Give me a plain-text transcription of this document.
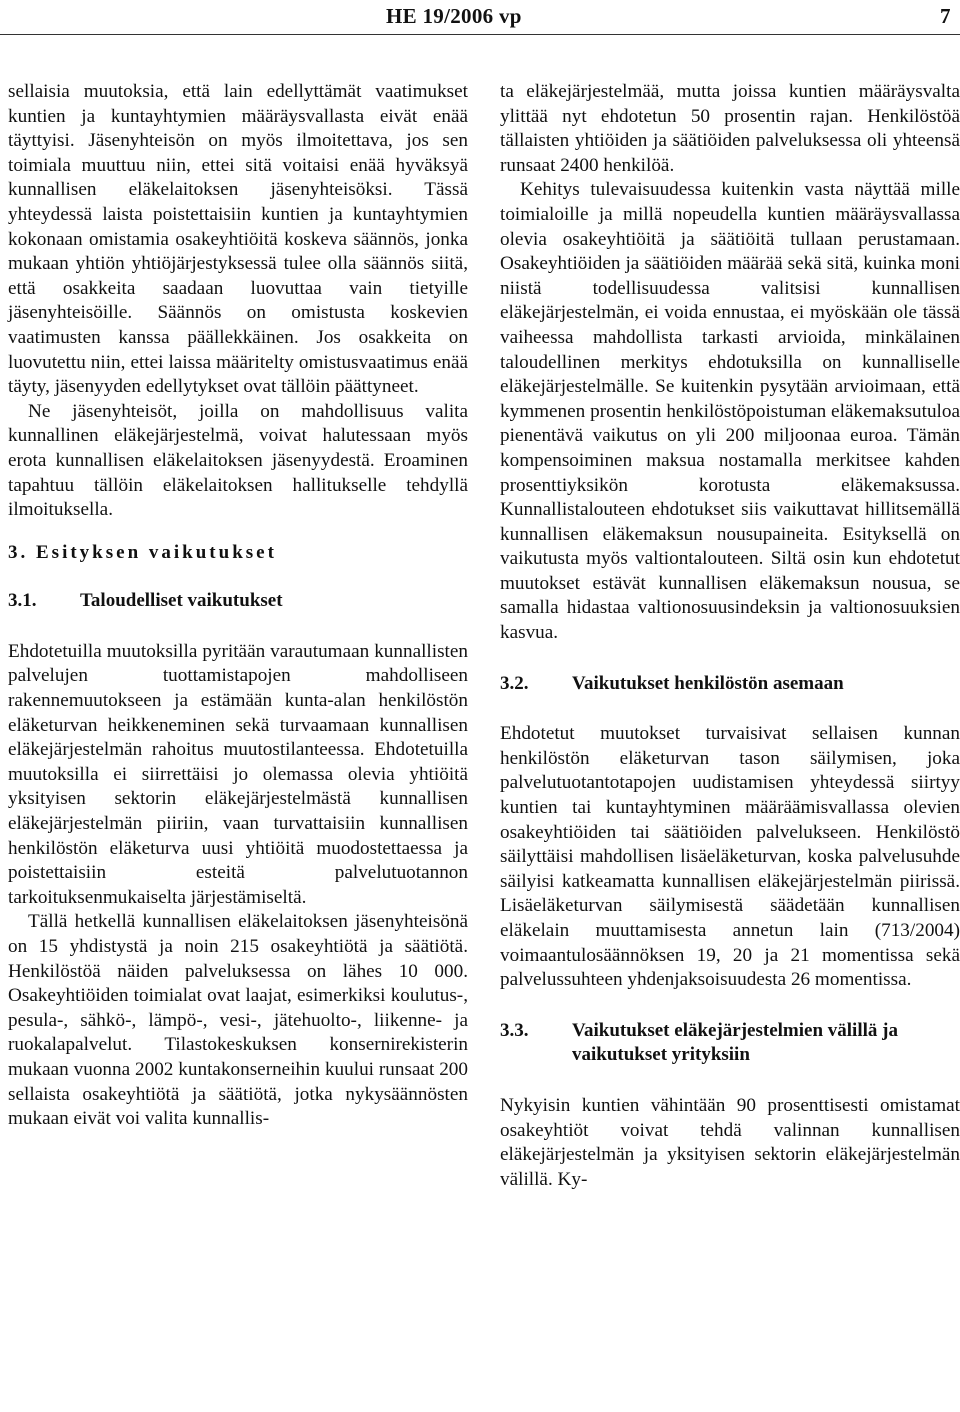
HE 19/2006 vp	7

sellaisia muutoksia, että lain edellyttämät vaatimukset kuntien ja kuntayhtymien määräysvallasta eivät enää täyttyisi. Jäsenyhteisön on myös ilmoitettava, jos sen toimiala muuttuu niin, ettei sitä voitaisi enää hyväksyä kunnallisen eläkelaitoksen jäsenyhteisöksi. Tässä yhteydessä laista poistettaisiin kuntien ja kuntayhtymien kokonaan omistamia osakeyhtiöitä koskeva säännös, jonka mukaan yhtiön yhtiöjärjestyksessä tulee olla säännös siitä, että osakkeita saadaan luovuttaa vain tietyille jäsenyhteisöille. Säännös on omistusta koskevien vaatimusten kanssa päällekkäinen. Jos osakkeita on luovutettu niin, ettei laissa määritelty omistusvaatimus enää täyty, jäsenyyden edellytykset ovat tällöin päättyneet.

Ne jäsenyhteisöt, joilla on mahdollisuus valita kunnallinen eläkejärjestelmä, voivat halutessaan myös erota kunnallisen eläkelaitoksen jäsenyydestä. Eroaminen tapahtuu tällöin eläkelaitoksen hallitukselle tehdyllä ilmoituksella.

3. Esityksen vaikutukset
3.1.	Taloudelliset vaikutukset

Ehdotetuilla muutoksilla pyritään varautumaan kunnallisten palvelujen tuottamistapojen mahdolliseen rakennemuutokseen ja estämään kunta-alan henkilöstön eläketurvan heikkeneminen sekä turvaamaan kunnallisen eläkejärjestelmän rahoitus muutostilanteessa. Ehdotetuilla muutoksilla ei siirrettäisi jo olemassa olevia yhtiöitä yksityisen sektorin eläkejärjestelmästä kunnallisen eläkejärjestelmän piiriin, vaan turvattaisiin kunnallisen henkilöstön eläketurva uusi yhtiöitä muodostettaessa ja poistettaisiin esteitä palvelutuotannon tarkoituksenmukaiselta järjestämiseltä.

Tällä hetkellä kunnallisen eläkelaitoksen jäsenyhteisönä on 15 yhdistystä ja noin 215 osakeyhtiötä ja säätiötä. Henkilöstöä näiden palveluksessa on lähes 10 000. Osakeyhtiöiden toimialat ovat laajat, esimerkiksi koulutus-, pesula-, sähkö-, lämpö-, vesi-, jätehuolto-, liikenne- ja ruokalapalvelut. Tilastokeskuksen konsernirekisterin mukaan vuonna 2002 kuntakonserneihin kuului runsaat 200 sellaista osakeyhtiötä ja säätiötä, jotka nykysäännösten mukaan eivät voi valita kunnallis-

ta eläkejärjestelmää, mutta joissa kuntien määräysvalta ylittää nyt ehdotetun 50 prosentin rajan. Henkilöstöä tällaisten yhtiöiden ja säätiöiden palveluksessa oli yhteensä runsaat 2400 henkilöä.

Kehitys tulevaisuudessa kuitenkin vasta näyttää mille toimialoille ja millä nopeudella kuntien määräysvallassa olevia osakeyhtiöitä ja säätiöitä tullaan perustamaan. Osakeyhtiöiden ja säätiöiden määrää sekä sitä, kuinka moni niistä todellisuudessa valitsisi kunnallisen eläkejärjestelmän, ei voida ennustaa, ei myöskään ole tässä vaiheessa mahdollista tarkasti arvioida, minkälainen taloudellinen merkitys ehdotuksilla on kunnalliselle eläkejärjestelmälle. Se kuitenkin pysytään arvioimaan, että kymmenen prosentin henkilöstöpoistuman eläkemaksutuloa pienentävä vaikutus on yli 200 miljoonaa euroa. Tämän kompensoiminen maksua nostamalla merkitsee kahden prosenttiyksikön korotusta eläkemaksussa. Kunnallistalouteen ehdotukset siis vaikuttavat hillitsemällä kunnallisen eläkemaksun nousupaineita. Esityksellä on vaikutusta myös valtiontalouteen. Siltä osin kun ehdotetut muutokset estävät kunnallisen eläkemaksun nousua, se samalla hidastaa valtionosuusindeksin ja valtionosuuksien kasvua.

3.2.	Vaikutukset henkilöstön asemaan

Ehdotetut muutokset turvaisivat sellaisen kunnan henkilöstön eläketurvan tason säilymisen, joka palvelutuotantotapojen uudistamisen yhteydessä siirtyy kuntien tai kuntayhtyminen määräämisvallassa olevien osakeyhtiöiden tai säätiöiden palvelukseen. Henkilöstö säilyttäisi mahdollisen lisäeläketurvan, koska palvelusuhde säilyisi katkeamatta kunnallisen eläkejärjestelmän piirissä. Lisäeläketurvan säilymisestä säädetään kunnallisen eläkelain muuttamisesta annetun lain (713/2004) voimaantulosäännöksen 19, 20 ja 21 momentissa sekä palvelussuhteen yhdenjaksoisuudesta 26 momentissa.

3.3.	Vaikutukset eläkejärjestelmien välillä ja vaikutukset yrityksiin

Nykyisin kuntien vähintään 90 prosenttisesti omistamat osakeyhtiöt voivat tehdä valinnan kunnallisen eläkejärjestelmän ja yksityisen sektorin eläkejärjestelmän välillä. Ky-
